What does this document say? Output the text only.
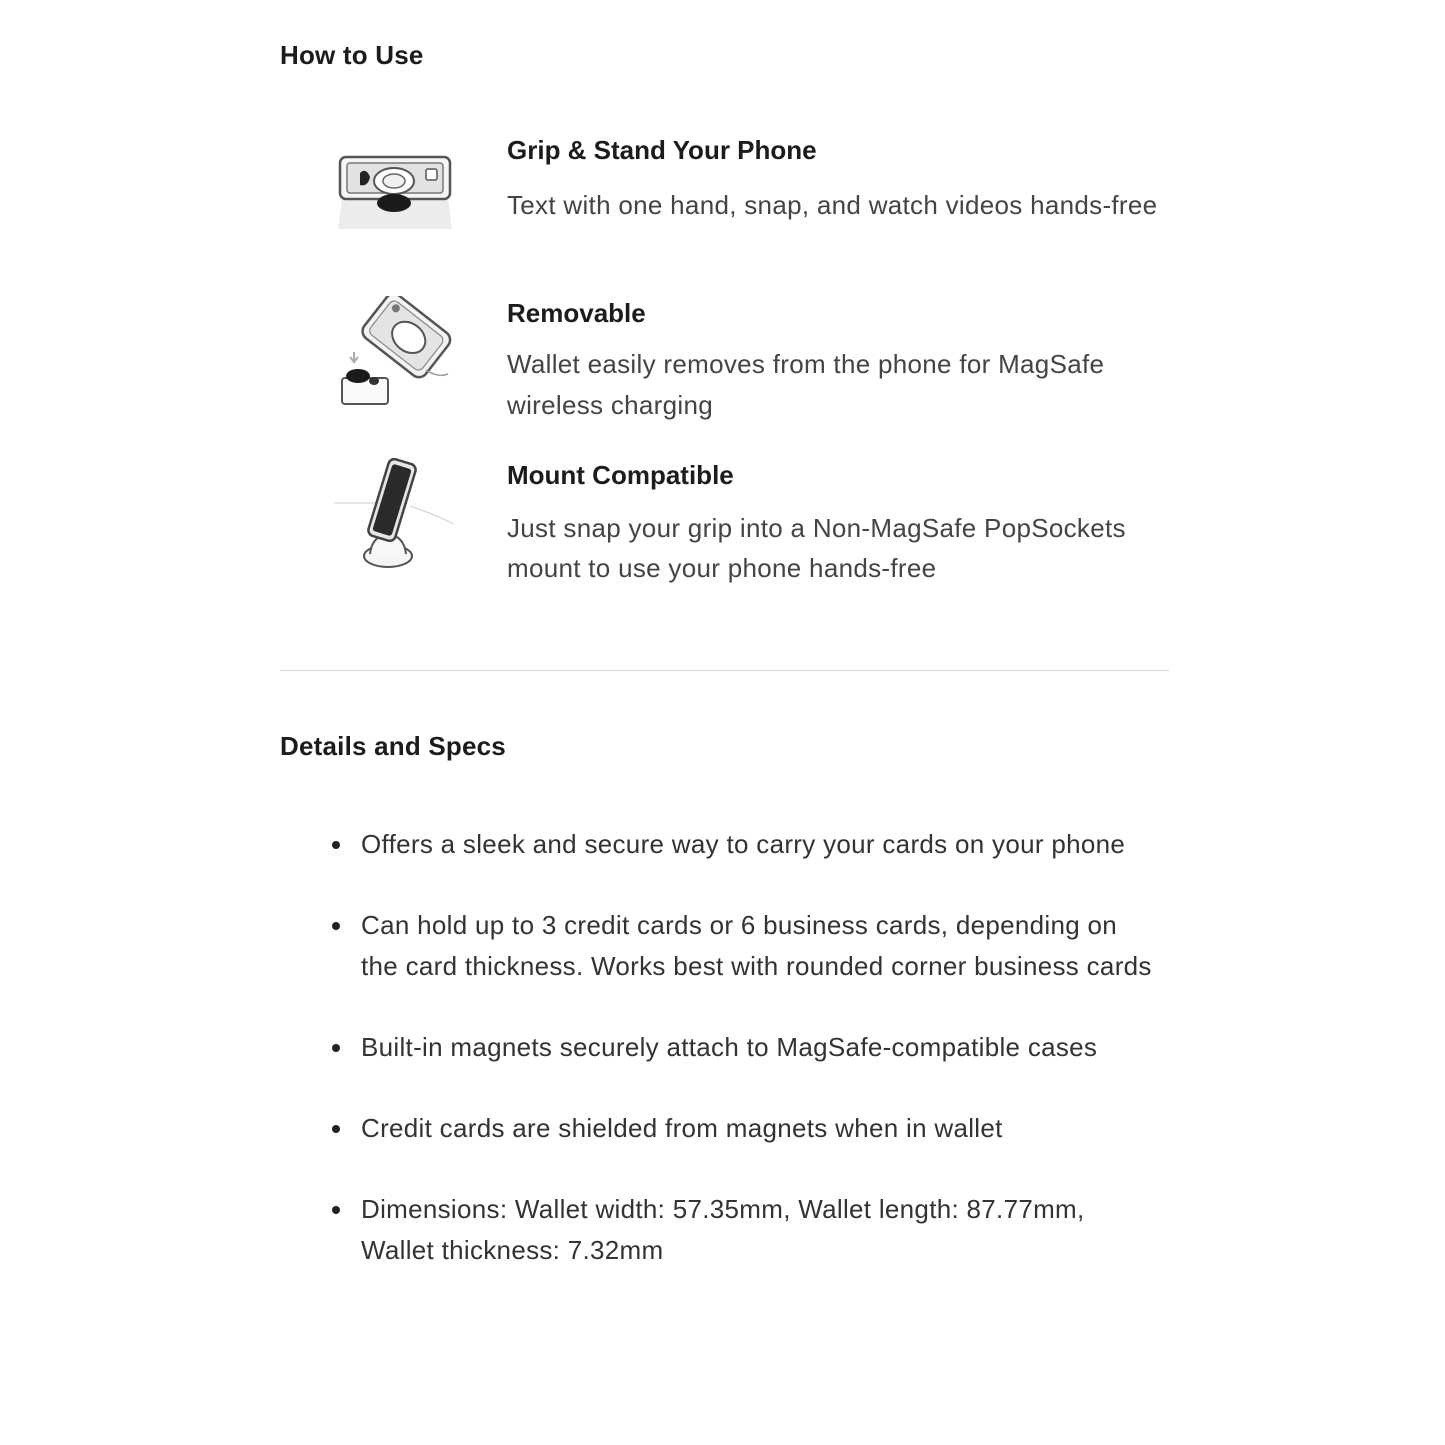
How to Use
Grip & Stand Your Phone

Text with one hand, snap, and watch videos hands-free

Removable

Wallet easily removes from the phone for MagSafe wireless charging

Mount Compatible

Just snap your grip into a Non-MagSafe PopSockets mount to use your phone hands-free

Details and Specs
Offers a sleek and secure way to carry your cards on your phone
Can hold up to 3 credit cards or 6 business cards, depending on the card thickness. Works best with rounded corner business cards
Built-in magnets securely attach to MagSafe-compatible cases
Credit cards are shielded from magnets when in wallet
Dimensions: Wallet width: 57.35mm, Wallet length: 87.77mm, Wallet thickness: 7.32mm
